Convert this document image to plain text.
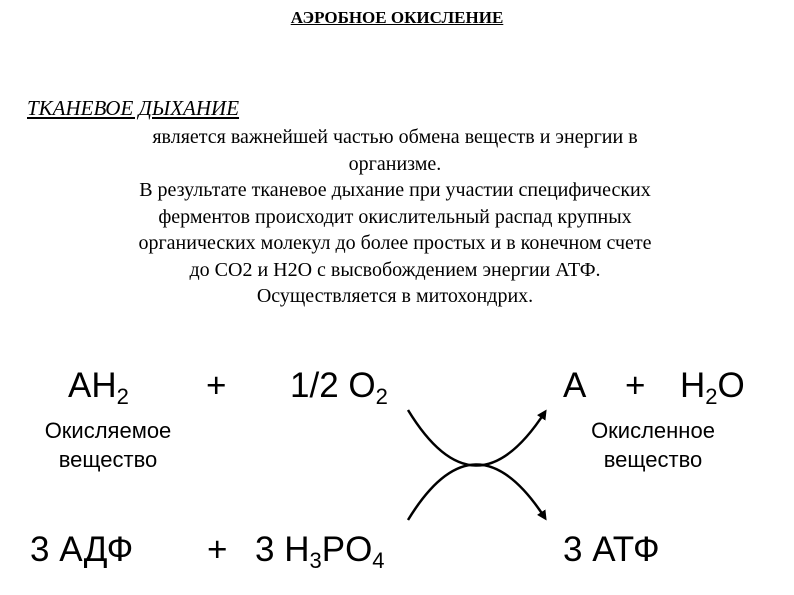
АЭРОБНОЕ ОКИСЛЕНИЕ
ТКАНЕВОЕ ДЫХАНИЕ
является важнейшей частью обмена веществ и энергии в
организме.
В результате тканевое дыхание при участии специфических
ферментов происходит окислительный распад крупных
органических молекул до более простых и в конечном счете
до СО2 и Н2О с высвобождением энергии АТФ.
Осуществляется в митохондрих.
$AH_2 + 1/2$ $O_2$	$A + H_2O$
Окисляемое
вещество
Окисленное
вещество
3 АДФ + 3 $H_3PO_4$	3 АТФ
